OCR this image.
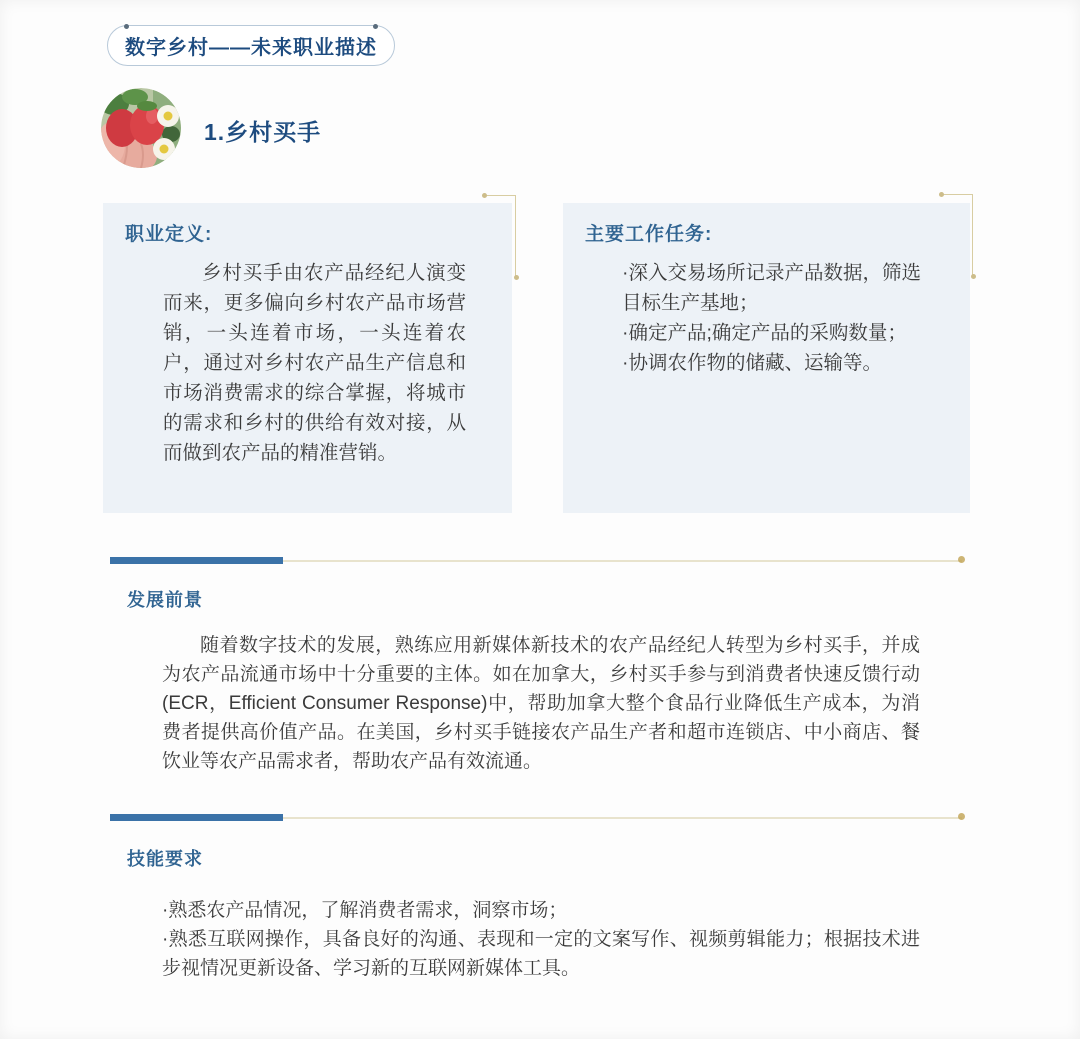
数字乡村——未来职业描述
1.乡村买手
职业定义:
乡村买手由农产品经纪人演变而来，更多偏向乡村农产品市场营销，一头连着市场，一头连着农户，通过对乡村农产品生产信息和市场消费需求的综合掌握，将城市的需求和乡村的供给有效对接，从而做到农产品的精准营销。
主要工作任务:

·深入交易场所记录产品数据，筛选目标生产基地；

·确定产品;确定产品的采购数量；

·协调农作物的储藏、运输等。

发展前景
随着数字技术的发展，熟练应用新媒体新技术的农产品经纪人转型为乡村买手，并成为农产品流通市场中十分重要的主体。如在加拿大，乡村买手参与到消费者快速反馈行动(ECR，Efficient Consumer Response)中，帮助加拿大整个食品行业降低生产成本，为消费者提供高价值产品。在美国，乡村买手链接农产品生产者和超市连锁店、中小商店、餐饮业等农产品需求者，帮助农产品有效流通。
技能要求

·熟悉农产品情况，了解消费者需求，洞察市场；

·熟悉互联网操作，具备良好的沟通、表现和一定的文案写作、视频剪辑能力；根据技术进步视情况更新设备、学习新的互联网新媒体工具。
